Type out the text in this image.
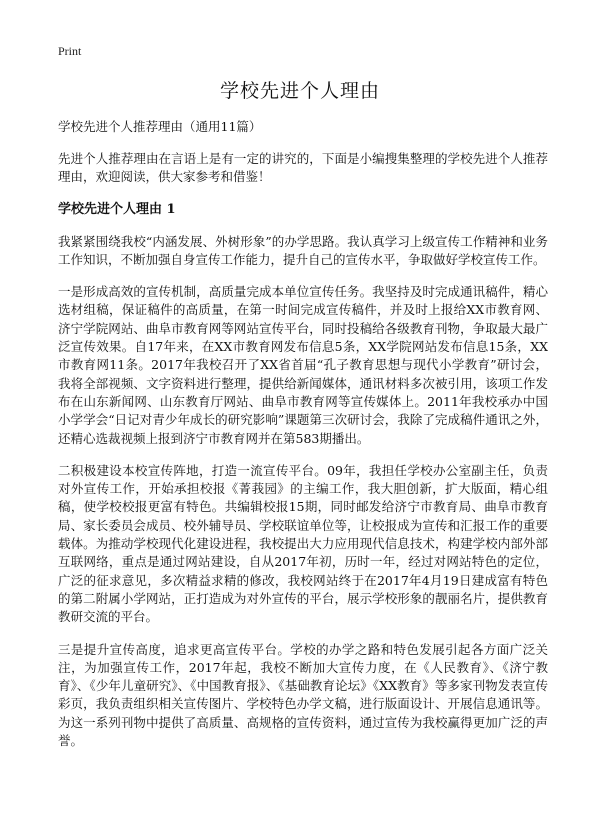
Print
学校先进个人理由

学校先进个人推荐理由（通用11篇）

先进个人推荐理由在言语上是有一定的讲究的，下面是小编搜集整理的学校先进个人推荐理由，欢迎阅读，供大家参考和借鉴！

学校先进个人理由 1

我紧紧围绕我校“内涵发展、外树形象”的办学思路。我认真学习上级宣传工作精神和业务工作知识，不断加强自身宣传工作能力，提升自己的宣传水平，争取做好学校宣传工作。

一是形成高效的宣传机制，高质量完成本单位宣传任务。我坚持及时完成通讯稿件，精心选材组稿，保证稿件的高质量，在第一时间完成宣传稿件，并及时上报给XX市教育网、济宁学院网站、曲阜市教育网等网站宣传平台，同时投稿给各级教育刊物，争取最大最广泛宣传效果。自17年来，在XX市教育网发布信息5条，XX学院网站发布信息15条，XX市教育网11条。2017年我校召开了XX省首届“孔子教育思想与现代小学教育”研讨会，我将全部视频、文字资料进行整理，提供给新闻媒体，通讯材料多次被引用，该项工作发布在山东新闻网、山东教育厅网站、曲阜市教育网等宣传媒体上。2011年我校承办中国小学学会“日记对青少年成长的研究影响”课题第三次研讨会，我除了完成稿件通讯之外，还精心选裁视频上报到济宁市教育网并在第583期播出。

二积极建设本校宣传阵地，打造一流宣传平台。09年，我担任学校办公室副主任，负责对外宣传工作，开始承担校报《菁莪园》的主编工作，我大胆创新，扩大版面，精心组稿，使学校校报更富有特色。共编辑校报15期，同时邮发给济宁市教育局、曲阜市教育局、家长委员会成员、校外辅导员、学校联谊单位等，让校报成为宣传和汇报工作的重要载体。为推动学校现代化建设进程，我校提出大力应用现代信息技术，构建学校内部外部互联网络，重点是通过网站建设，自从2017年初，历时一年，经过对网站特色的定位，广泛的征求意见，多次精益求精的修改，我校网站终于在2017年4月19日建成富有特色的第二附属小学网站，正打造成为对外宣传的平台，展示学校形象的靓丽名片，提供教育教研交流的平台。

三是提升宣传高度，追求更高宣传平台。学校的办学之路和特色发展引起各方面广泛关注，为加强宣传工作，2017年起，我校不断加大宣传力度，在《人民教育》、《济宁教育》、《少年儿童研究》、《中国教育报》、《基础教育论坛》《XX教育》等多家刊物发表宣传彩页，我负责组织相关宣传图片、学校特色办学文稿，进行版面设计、开展信息通讯等。为这一系列刊物中提供了高质量、高规格的宣传资料，通过宣传为我校赢得更加广泛的声誉。
